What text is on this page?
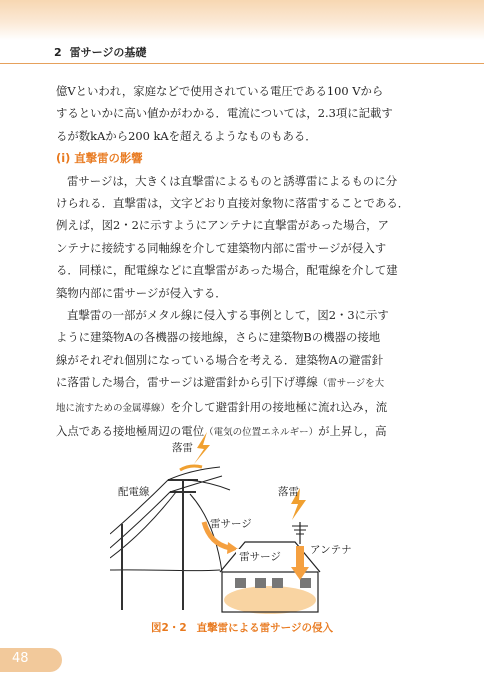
2 雷サージの基礎
億Vといわれ，家庭などで使用されている電圧である100 Vから
するといかに高い値かがわかる．電流については，2.3項に記載す
るが数kAから200 kAを超えるようなものもある．
(i) 直撃雷の影響
雷サージは，大きくは直撃雷によるものと誘導雷によるものに分
けられる．直撃雷は，文字どおり直接対象物に落雷することである．
例えば，図2・2に示すようにアンテナに直撃雷があった場合，ア
ンテナに接続する同軸線を介して建築物内部に雷サージが侵入す
る．同様に，配電線などに直撃雷があった場合，配電線を介して建
築物内部に雷サージが侵入する．
直撃雷の一部がメタル線に侵入する事例として，図2・3に示す
ように建築物Aの各機器の接地線，さらに建築物Bの機器の接地
線がそれぞれ個別になっている場合を考える．建築物Aの避雷針
に落雷した場合，雷サージは避雷針から引下げ導線（雷サージを大
地に流すための金属導線）を介して避雷針用の接地極に流れ込み，流
入点である接地極周辺の電位（電気の位置エネルギー）が上昇し，高
落雷
配電線	落雷
雷サージ
雷サージ
アンテナ
図2・2 直撃雷による雷サージの侵入
48
